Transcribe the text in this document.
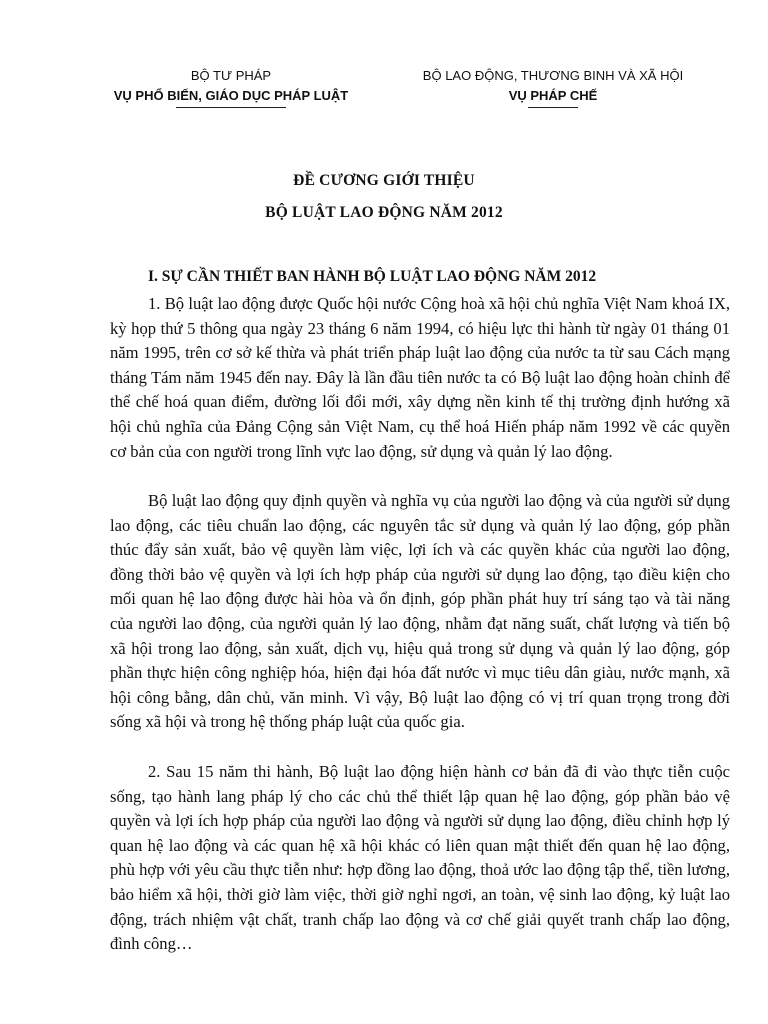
BỘ TƯ PHÁP
VỤ PHỔ BIẾN, GIÁO DỤC PHÁP LUẬT
BỘ LAO ĐỘNG, THƯƠNG BINH VÀ XÃ HỘI
VỤ PHÁP CHẾ
ĐỀ CƯƠNG GIỚI THIỆU
BỘ LUẬT LAO ĐỘNG NĂM 2012
I. SỰ CẦN THIẾT BAN HÀNH BỘ LUẬT LAO ĐỘNG NĂM 2012

1. Bộ luật lao động được Quốc hội nước Cộng hoà xã hội chủ nghĩa Việt Nam khoá IX, kỳ họp thứ 5 thông qua ngày 23 tháng 6 năm 1994, có hiệu lực thi hành từ ngày 01 tháng 01 năm 1995, trên cơ sở kế thừa và phát triển pháp luật lao động của nước ta từ sau Cách mạng tháng Tám năm 1945 đến nay. Đây là lần đầu tiên nước ta có Bộ luật lao động hoàn chỉnh để thể chế hoá quan điểm, đường lối đổi mới, xây dựng nền kinh tế thị trường định hướng xã hội chủ nghĩa của Đảng Cộng sản Việt Nam, cụ thể hoá Hiến pháp năm 1992 về các quyền cơ bản của con người trong lĩnh vực lao động, sử dụng và quản lý lao động.

Bộ luật lao động quy định quyền và nghĩa vụ của người lao động và của người sử dụng lao động, các tiêu chuẩn lao động, các nguyên tắc sử dụng và quản lý lao động, góp phần thúc đẩy sản xuất, bảo vệ quyền làm việc, lợi ích và các quyền khác của người lao động, đồng thời bảo vệ quyền và lợi ích hợp pháp của người sử dụng lao động, tạo điều kiện cho mối quan hệ lao động được hài hòa và ổn định, góp phần phát huy trí sáng tạo và tài năng của người lao động, của người quản lý lao động, nhằm đạt năng suất, chất lượng và tiến bộ xã hội trong lao động, sản xuất, dịch vụ, hiệu quả trong sử dụng và quản lý lao động, góp phần thực hiện công nghiệp hóa, hiện đại hóa đất nước vì mục tiêu dân giàu, nước mạnh, xã hội công bằng, dân chủ, văn minh. Vì vậy, Bộ luật lao động có vị trí quan trọng trong đời sống xã hội và trong hệ thống pháp luật của quốc gia.

2. Sau 15 năm thi hành, Bộ luật lao động hiện hành cơ bản đã đi vào thực tiễn cuộc sống, tạo hành lang pháp lý cho các chủ thể thiết lập quan hệ lao động, góp phần bảo vệ quyền và lợi ích hợp pháp của người lao động và người sử dụng lao động, điều chỉnh hợp lý quan hệ lao động và các quan hệ xã hội khác có liên quan mật thiết đến quan hệ lao động, phù hợp với yêu cầu thực tiễn như: hợp đồng lao động, thoả ước lao động tập thể, tiền lương, bảo hiểm xã hội, thời giờ làm việc, thời giờ nghỉ ngơi, an toàn, vệ sinh lao động, kỷ luật lao động, trách nhiệm vật chất, tranh chấp lao động và cơ chế giải quyết tranh chấp lao động, đình công…
